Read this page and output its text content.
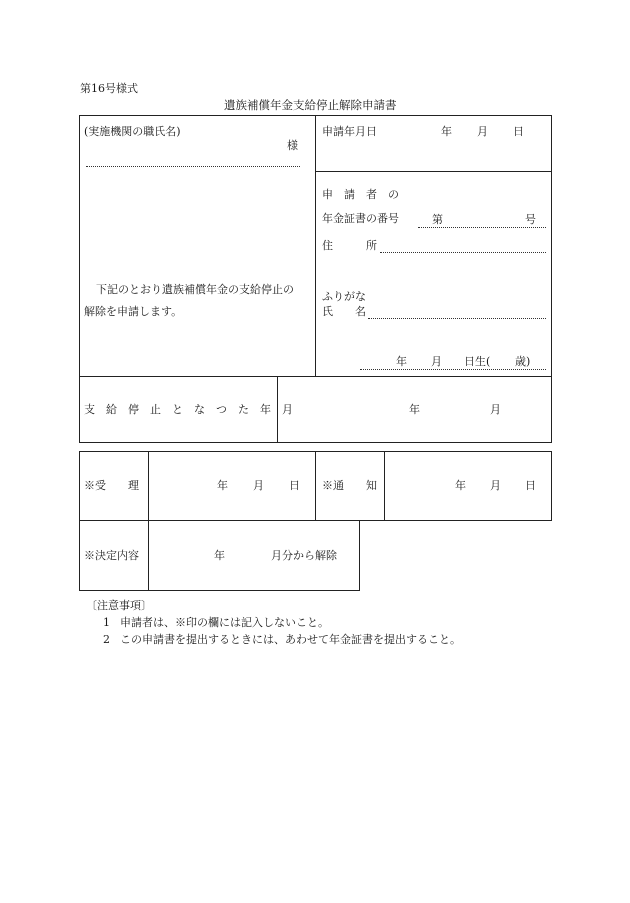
第16号様式
遺族補償年金支給停止解除申請書
(実施機関の職氏名)
様
下記のとおり遺族補償年金の支給停止の
解除を申請します。
申請年月日	年 月 日
申　請　者　の
年金証書の番号	第	号
住　　　所
ふりがな
氏　　名
年 月 日生( 歳)
支　給　停　止　と　な　つ　た　年　月	年	月
※受　　理	年 月 日 ※通　　知	年 月 日
※決定内容	年	月分から解除
〔注意事項〕
1 申請者は、※印の欄には記入しないこと。
2 この申請書を提出するときには、あわせて年金証書を提出すること。
